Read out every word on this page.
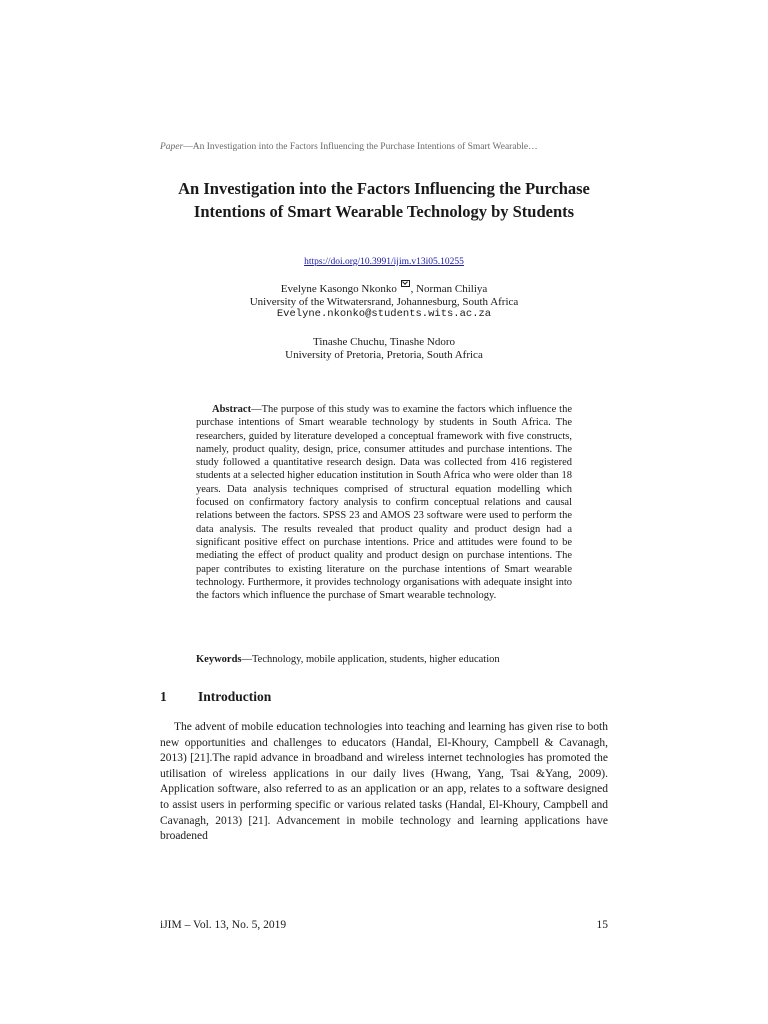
Paper—An Investigation into the Factors Influencing the Purchase Intentions of Smart Wearable…
An Investigation into the Factors Influencing the Purchase Intentions of Smart Wearable Technology by Students
https://doi.org/10.3991/ijim.v13i05.10255
Evelyne Kasongo Nkonko , Norman Chiliya
University of the Witwatersrand, Johannesburg, South Africa
Evelyne.nkonko@students.wits.ac.za
Tinashe Chuchu, Tinashe Ndoro
University of Pretoria, Pretoria, South Africa

Abstract—The purpose of this study was to examine the factors which influence the purchase intentions of Smart wearable technology by students in South Africa. The researchers, guided by literature developed a conceptual framework with five constructs, namely, product quality, design, price, consumer attitudes and purchase intentions. The study followed a quantitative research design. Data was collected from 416 registered students at a selected higher education institution in South Africa who were older than 18 years. Data analysis techniques comprised of structural equation modelling which focused on confirmatory factory analysis to confirm conceptual relations and causal relations between the factors. SPSS 23 and AMOS 23 software were used to perform the data analysis. The results revealed that product quality and product design had a significant positive effect on purchase intentions. Price and attitudes were found to be mediating the effect of product quality and product design on purchase intentions. The paper contributes to existing literature on the purchase intentions of Smart wearable technology. Furthermore, it provides technology organisations with adequate insight into the factors which influence the purchase of Smart wearable technology.

Keywords—Technology, mobile application, students, higher education

1 Introduction

The advent of mobile education technologies into teaching and learning has given rise to both new opportunities and challenges to educators (Handal, El-Khoury, Campbell & Cavanagh, 2013) [21].The rapid advance in broadband and wireless internet technologies has promoted the utilisation of wireless applications in our daily lives (Hwang, Yang, Tsai &Yang, 2009). Application software, also referred to as an application or an app, relates to a software designed to assist users in performing specific or various related tasks (Handal, El-Khoury, Campbell and Cavanagh, 2013) [21]. Advancement in mobile technology and learning applications have broadened

iJIM – Vol. 13, No. 5, 2019	15
